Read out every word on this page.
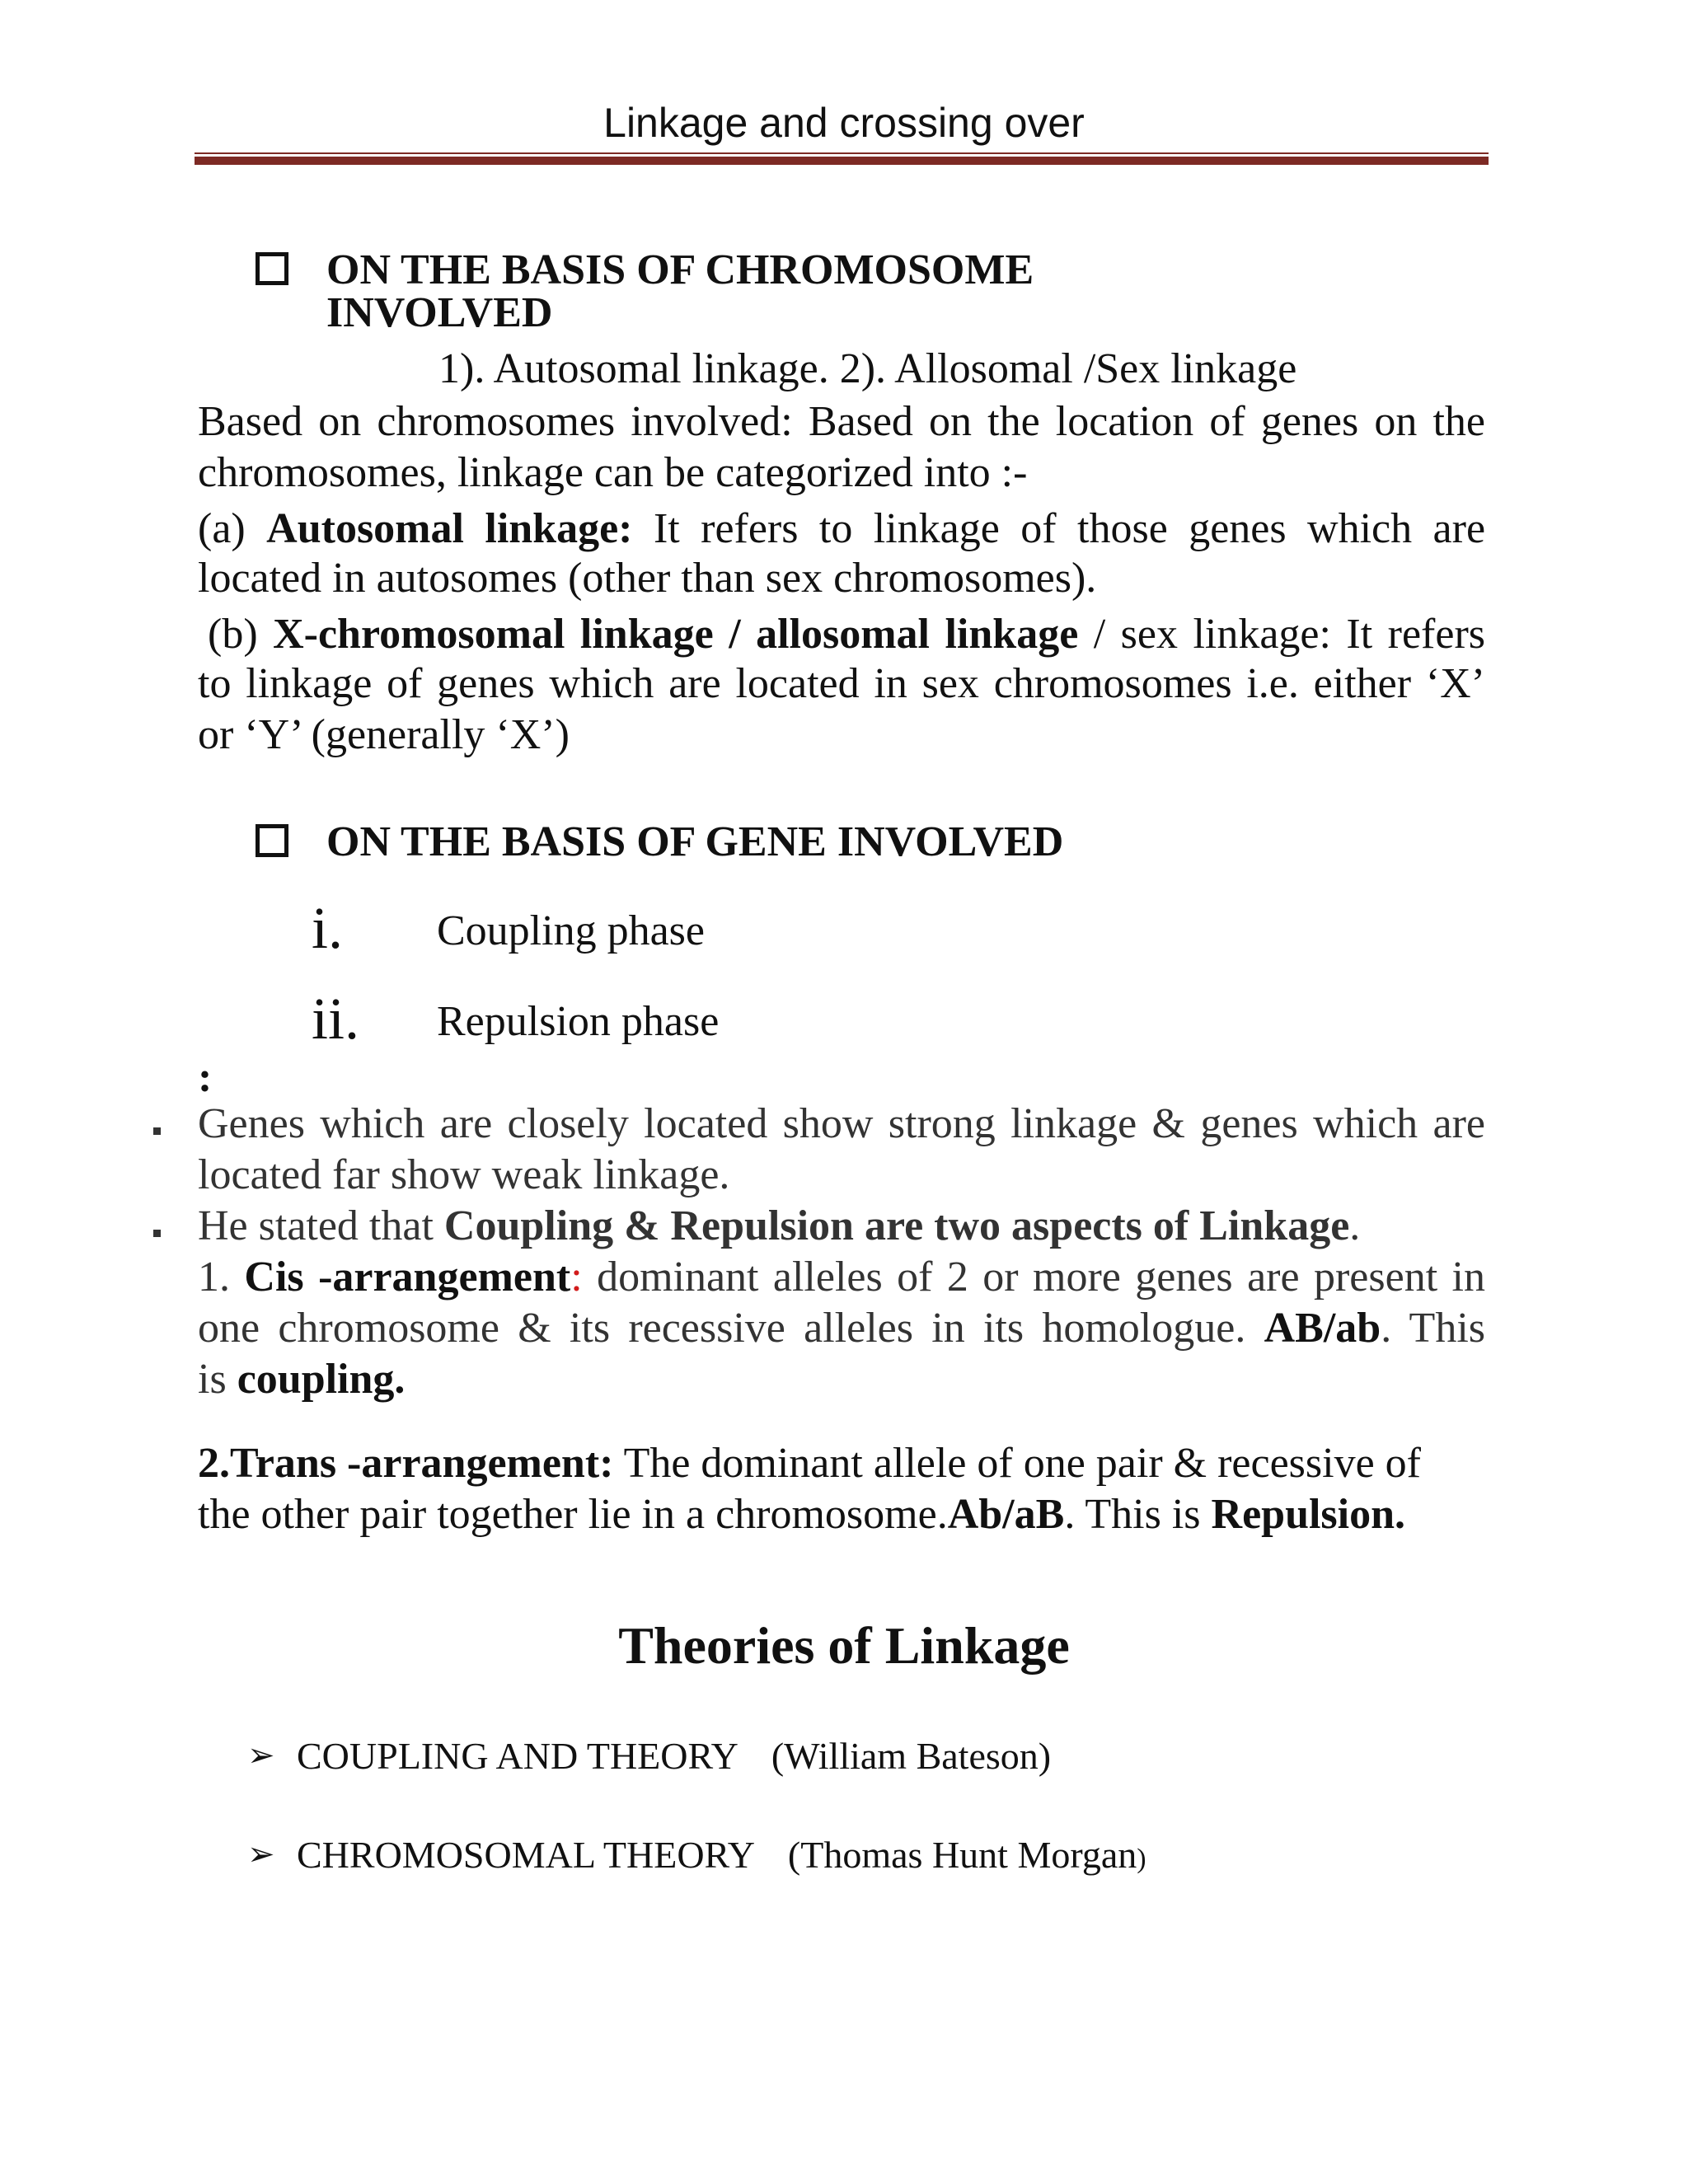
Linkage and crossing over
ON THE BASIS OF CHROMOSOME
INVOLVED
1). Autosomal linkage. 2). Allosomal /Sex linkage
Based on chromosomes involved: Based on the location of genes on the
chromosomes, linkage can be categorized into :-
(a) Autosomal linkage: It refers to linkage of those genes which are
located in autosomes (other than sex chromosomes).
(b) X-chromosomal linkage / allosomal linkage / sex linkage: It refers
to linkage of genes which are located in sex chromosomes i.e. either ‘X’
or ‘Y’ (generally ‘X’)
ON THE BASIS OF GENE INVOLVED
i. Coupling phase
ii. Repulsion phase
:
Genes which are closely located show strong linkage & genes which are
located far show weak linkage.
He stated that Coupling & Repulsion are two aspects of Linkage.
1. Cis -arrangement: dominant alleles of 2 or more genes are present in
one chromosome & its recessive alleles in its homologue. AB/ab. This
is coupling.
2.Trans -arrangement: The dominant allele of one pair & recessive of
the other pair together lie in a chromosome.Ab/aB. This is Repulsion.
Theories of Linkage
➢ COUPLING AND THEORY (William Bateson)
➢ CHROMOSOMAL THEORY (Thomas Hunt Morgan)
